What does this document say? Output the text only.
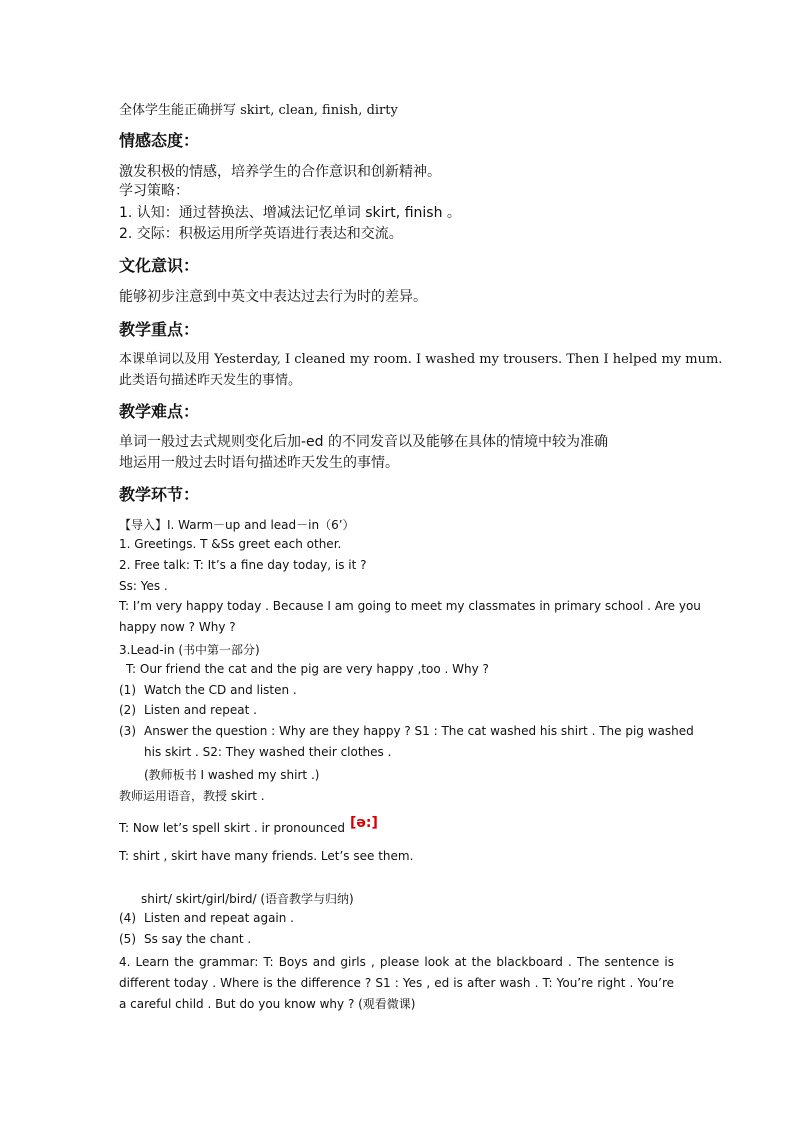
全体学生能正确拼写 skirt, clean, finish, dirty
情感态度：
激发积极的情感，培养学生的合作意识和创新精神。
学习策略：
1. 认知：通过替换法、增减法记忆单词 skirt, finish 。
2. 交际：积极运用所学英语进行表达和交流。
文化意识：
能够初步注意到中英文中表达过去行为时的差异。
教学重点：
本课单词以及用 Yesterday, I cleaned my room. I washed my trousers. Then I helped my mum.
此类语句描述昨天发生的事情。
教学难点：
单词一般过去式规则变化后加-ed 的不同发音以及能够在具体的情境中较为准确
地运用一般过去时语句描述昨天发生的事情。
教学环节：
【导入】Ⅰ. Warm－up and lead－in（6’）
1. Greetings. T &Ss greet each other.
2. Free talk: T: It’s a fine day today, is it ?
Ss: Yes .
T: I’m very happy today . Because I am going to meet my classmates in primary school . Are you
happy now ? Why ?
3.Lead-in (书中第一部分)
T: Our friend the cat and the pig are very happy ,too . Why ?
(1) Watch the CD and listen .
(2) Listen and repeat .
(3) Answer the question : Why are they happy ? S1 : The cat washed his shirt . The pig washed
his skirt . S2: They washed their clothes .
(教师板书 I washed my shirt .)
教师运用语音，教授 skirt .
T: Now let’s spell skirt . ir pronounced [ə:]
T: shirt , skirt have many friends. Let’s see them.
shirt/ skirt/girl/bird/ (语音教学与归纳)
(4) Listen and repeat again .
(5) Ss say the chant .
4. Learn the grammar: T: Boys and girls , please look at the blackboard . The sentence is different today . Where is the difference ? S1 : Yes , ed is after wash . T: You’re right . You’re a careful child . But do you know why ? (观看微课)
